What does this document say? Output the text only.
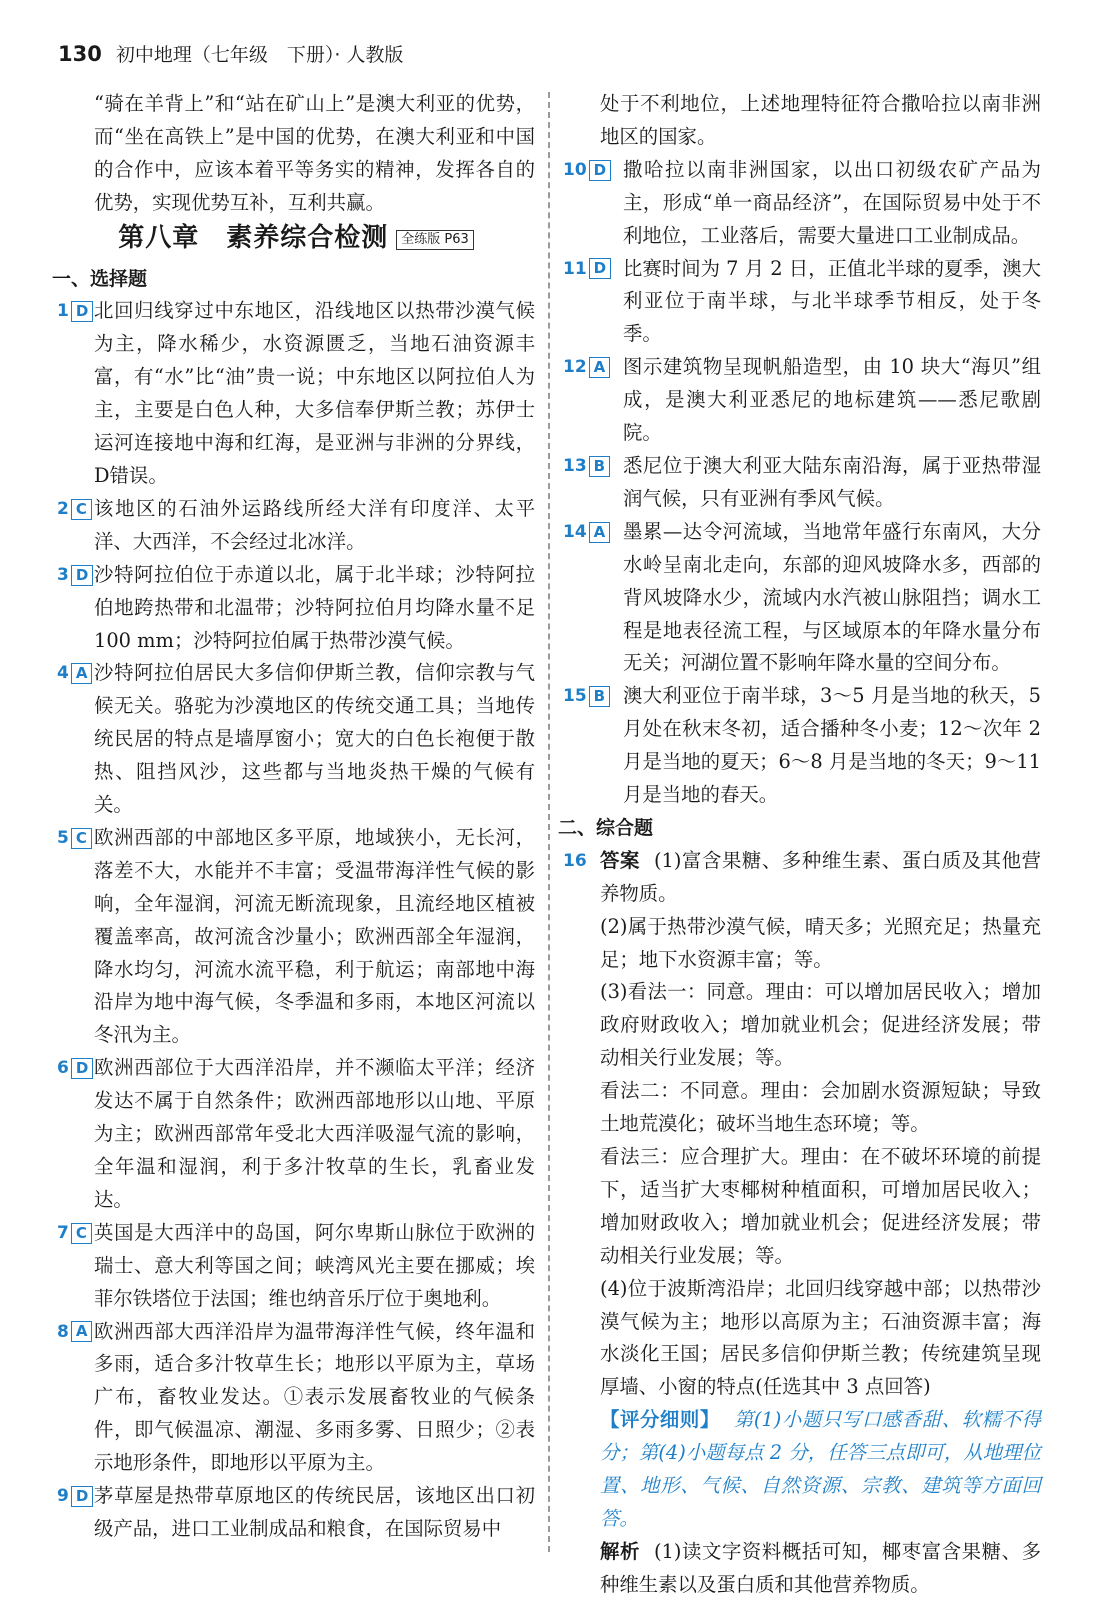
130 初中地理（七年级　下册）· 人教版
“骑在羊背上”和“站在矿山上”是澳大利亚的优势，而“坐在高铁上”是中国的优势，在澳大利亚和中国的合作中，应该本着平等务实的精神，发挥各自的优势，实现优势互补，互利共赢。
第八章　素养综合检测 全练版 P63
一、选择题
1 D 北回归线穿过中东地区，沿线地区以热带沙漠气候为主，降水稀少，水资源匮乏，当地石油资源丰富，有“水”比“油”贵一说；中东地区以阿拉伯人为主，主要是白色人种，大多信奉伊斯兰教；苏伊士运河连接地中海和红海，是亚洲与非洲的分界线，D错误。
2 C 该地区的石油外运路线所经大洋有印度洋、太平洋、大西洋，不会经过北冰洋。
3 D 沙特阿拉伯位于赤道以北，属于北半球；沙特阿拉伯地跨热带和北温带；沙特阿拉伯月均降水量不足 100 mm；沙特阿拉伯属于热带沙漠气候。
4 A 沙特阿拉伯居民大多信仰伊斯兰教，信仰宗教与气候无关。骆驼为沙漠地区的传统交通工具；当地传统民居的特点是墙厚窗小；宽大的白色长袍便于散热、阻挡风沙，这些都与当地炎热干燥的气候有关。
5 C 欧洲西部的中部地区多平原，地域狭小，无长河，落差不大，水能并不丰富；受温带海洋性气候的影响，全年湿润，河流无断流现象，且流经地区植被覆盖率高，故河流含沙量小；欧洲西部全年湿润，降水均匀，河流水流平稳，利于航运；南部地中海沿岸为地中海气候，冬季温和多雨，本地区河流以冬汛为主。
6 D 欧洲西部位于大西洋沿岸，并不濒临太平洋；经济发达不属于自然条件；欧洲西部地形以山地、平原为主；欧洲西部常年受北大西洋吸湿气流的影响，全年温和湿润，利于多汁牧草的生长，乳畜业发达。
7 C 英国是大西洋中的岛国，阿尔卑斯山脉位于欧洲的瑞士、意大利等国之间；峡湾风光主要在挪威；埃菲尔铁塔位于法国；维也纳音乐厅位于奥地利。
8 A 欧洲西部大西洋沿岸为温带海洋性气候，终年温和多雨，适合多汁牧草生长；地形以平原为主，草场广布，畜牧业发达。①表示发展畜牧业的气候条件，即气候温凉、潮湿、多雨多雾、日照少；②表示地形条件，即地形以平原为主。
9 D 茅草屋是热带草原地区的传统民居，该地区出口初级产品，进口工业制成品和粮食，在国际贸易中
处于不利地位，上述地理特征符合撒哈拉以南非洲地区的国家。
10 D 撒哈拉以南非洲国家，以出口初级农矿产品为主，形成“单一商品经济”，在国际贸易中处于不利地位，工业落后，需要大量进口工业制成品。
11 D 比赛时间为 7 月 2 日，正值北半球的夏季，澳大利亚位于南半球，与北半球季节相反，处于冬季。
12 A 图示建筑物呈现帆船造型，由 10 块大“海贝”组成，是澳大利亚悉尼的地标建筑——悉尼歌剧院。
13 B 悉尼位于澳大利亚大陆东南沿海，属于亚热带湿润气候，只有亚洲有季风气候。
14 A 墨累—达令河流域，当地常年盛行东南风，大分水岭呈南北走向，东部的迎风坡降水多，西部的背风坡降水少，流域内水汽被山脉阻挡；调水工程是地表径流工程，与区域原本的年降水量分布无关；河湖位置不影响年降水量的空间分布。
15 B 澳大利亚位于南半球，3～5 月是当地的秋天，5 月处在秋末冬初，适合播种冬小麦；12～次年 2 月是当地的夏天；6～8 月是当地的冬天；9～11 月是当地的春天。
二、综合题
16 答案 (1)富含果糖、多种维生素、蛋白质及其他营养物质。
(2)属于热带沙漠气候，晴天多；光照充足；热量充足；地下水资源丰富；等。
(3)看法一：同意。理由：可以增加居民收入；增加政府财政收入；增加就业机会；促进经济发展；带动相关行业发展；等。
看法二：不同意。理由：会加剧水资源短缺；导致土地荒漠化；破坏当地生态环境；等。
看法三：应合理扩大。理由：在不破坏环境的前提下，适当扩大枣椰树种植面积，可增加居民收入；增加财政收入；增加就业机会；促进经济发展；带动相关行业发展；等。
(4)位于波斯湾沿岸；北回归线穿越中部；以热带沙漠气候为主；地形以高原为主；石油资源丰富；海水淡化王国；居民多信仰伊斯兰教；传统建筑呈现厚墙、小窗的特点(任选其中 3 点回答)
【评分细则】 第(1)小题只写口感香甜、软糯不得分；第(4)小题每点 2 分，任答三点即可，从地理位置、地形、气候、自然资源、宗教、建筑等方面回答。
解析 (1)读文字资料概括可知，椰枣富含果糖、多种维生素以及蛋白质和其他营养物质。
